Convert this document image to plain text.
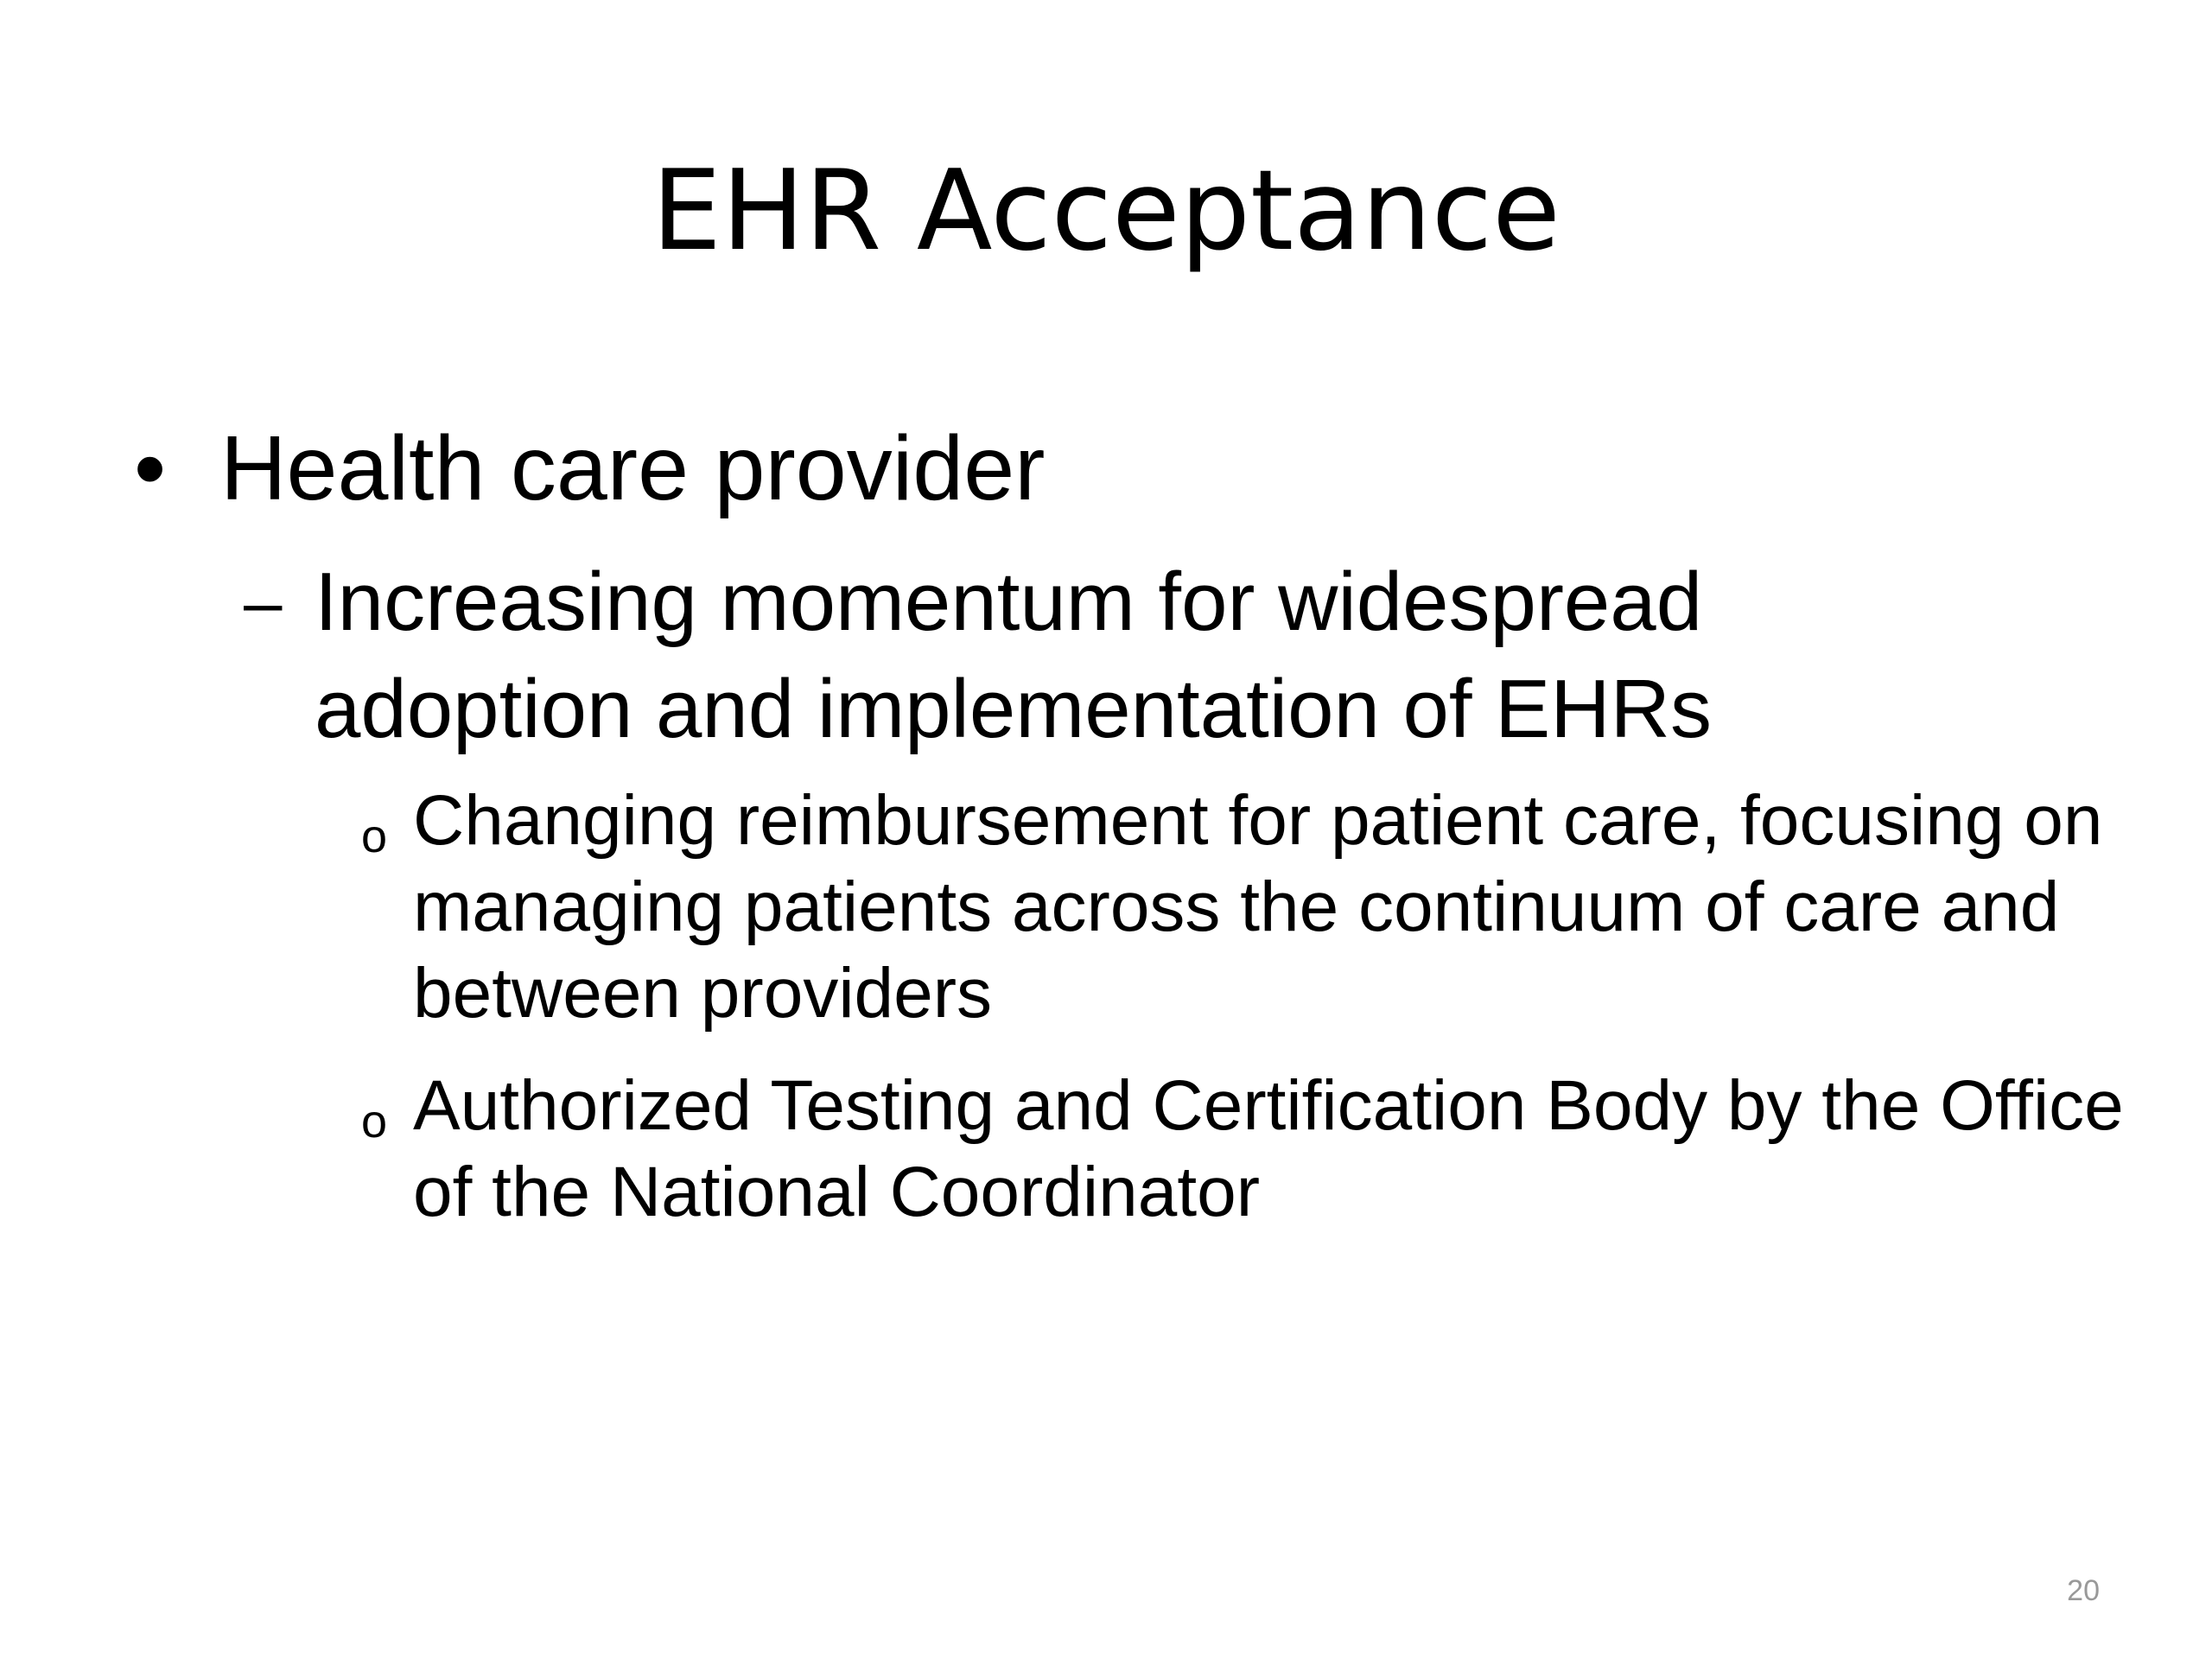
EHR Acceptance
• Health care provider
– Increasing momentum for widespread adoption and implementation of EHRs
o Changing reimbursement for patient care, focusing on managing patients across the continuum of care and between providers
o Authorized Testing and Certification Body by the Office of the National Coordinator
20
